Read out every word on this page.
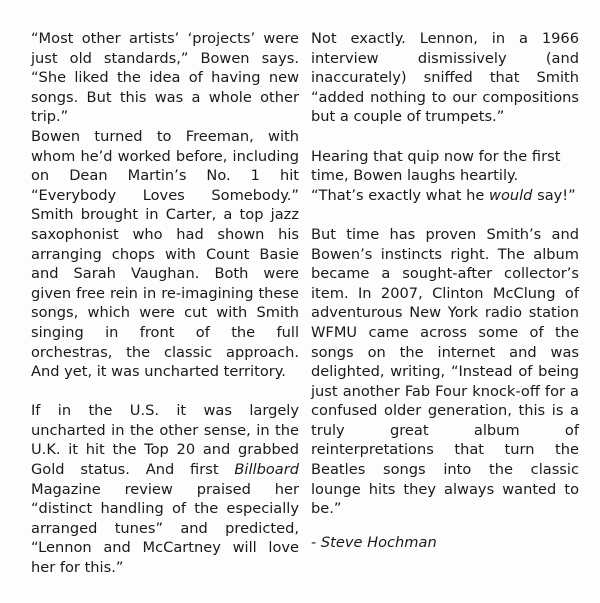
“Most other artists’ ‘projects’ were just old standards,” Bowen says. “She liked the idea of having new songs. But this was a whole other trip.”

Bowen turned to Freeman, with whom he’d worked before, including on Dean Martin’s No. 1 hit “Everybody Loves Somebody.” Smith brought in Carter, a top jazz saxophonist who had shown his arranging chops with Count Basie and Sarah Vaughan. Both were given free rein in re-imagining these songs, which were cut with Smith singing in front of the full orchestras, the classic approach. And yet, it was uncharted territory.

If in the U.S. it was largely uncharted in the other sense, in the U.K. it hit the Top 20 and grabbed Gold status. And first Billboard Magazine review praised her “distinct handling of the especially arranged tunes” and predicted, “Lennon and McCartney will love her for this.”

Not exactly. Lennon, in a 1966 interview dismissively (and inaccurately) sniffed that Smith “added nothing to our compositions but a couple of trumpets.”

Hearing that quip now for the first time, Bowen laughs heartily.

“That’s exactly what he would say!”

But time has proven Smith’s and Bowen’s instincts right. The album became a sought-after collector’s item. In 2007, Clinton McClung of adventurous New York radio station WFMU came across some of the songs on the internet and was delighted, writing, “Instead of being just another Fab Four knock-off for a confused older generation, this is a truly great album of reinterpretations that turn the Beatles songs into the classic lounge hits they always wanted to be.”

- Steve Hochman
